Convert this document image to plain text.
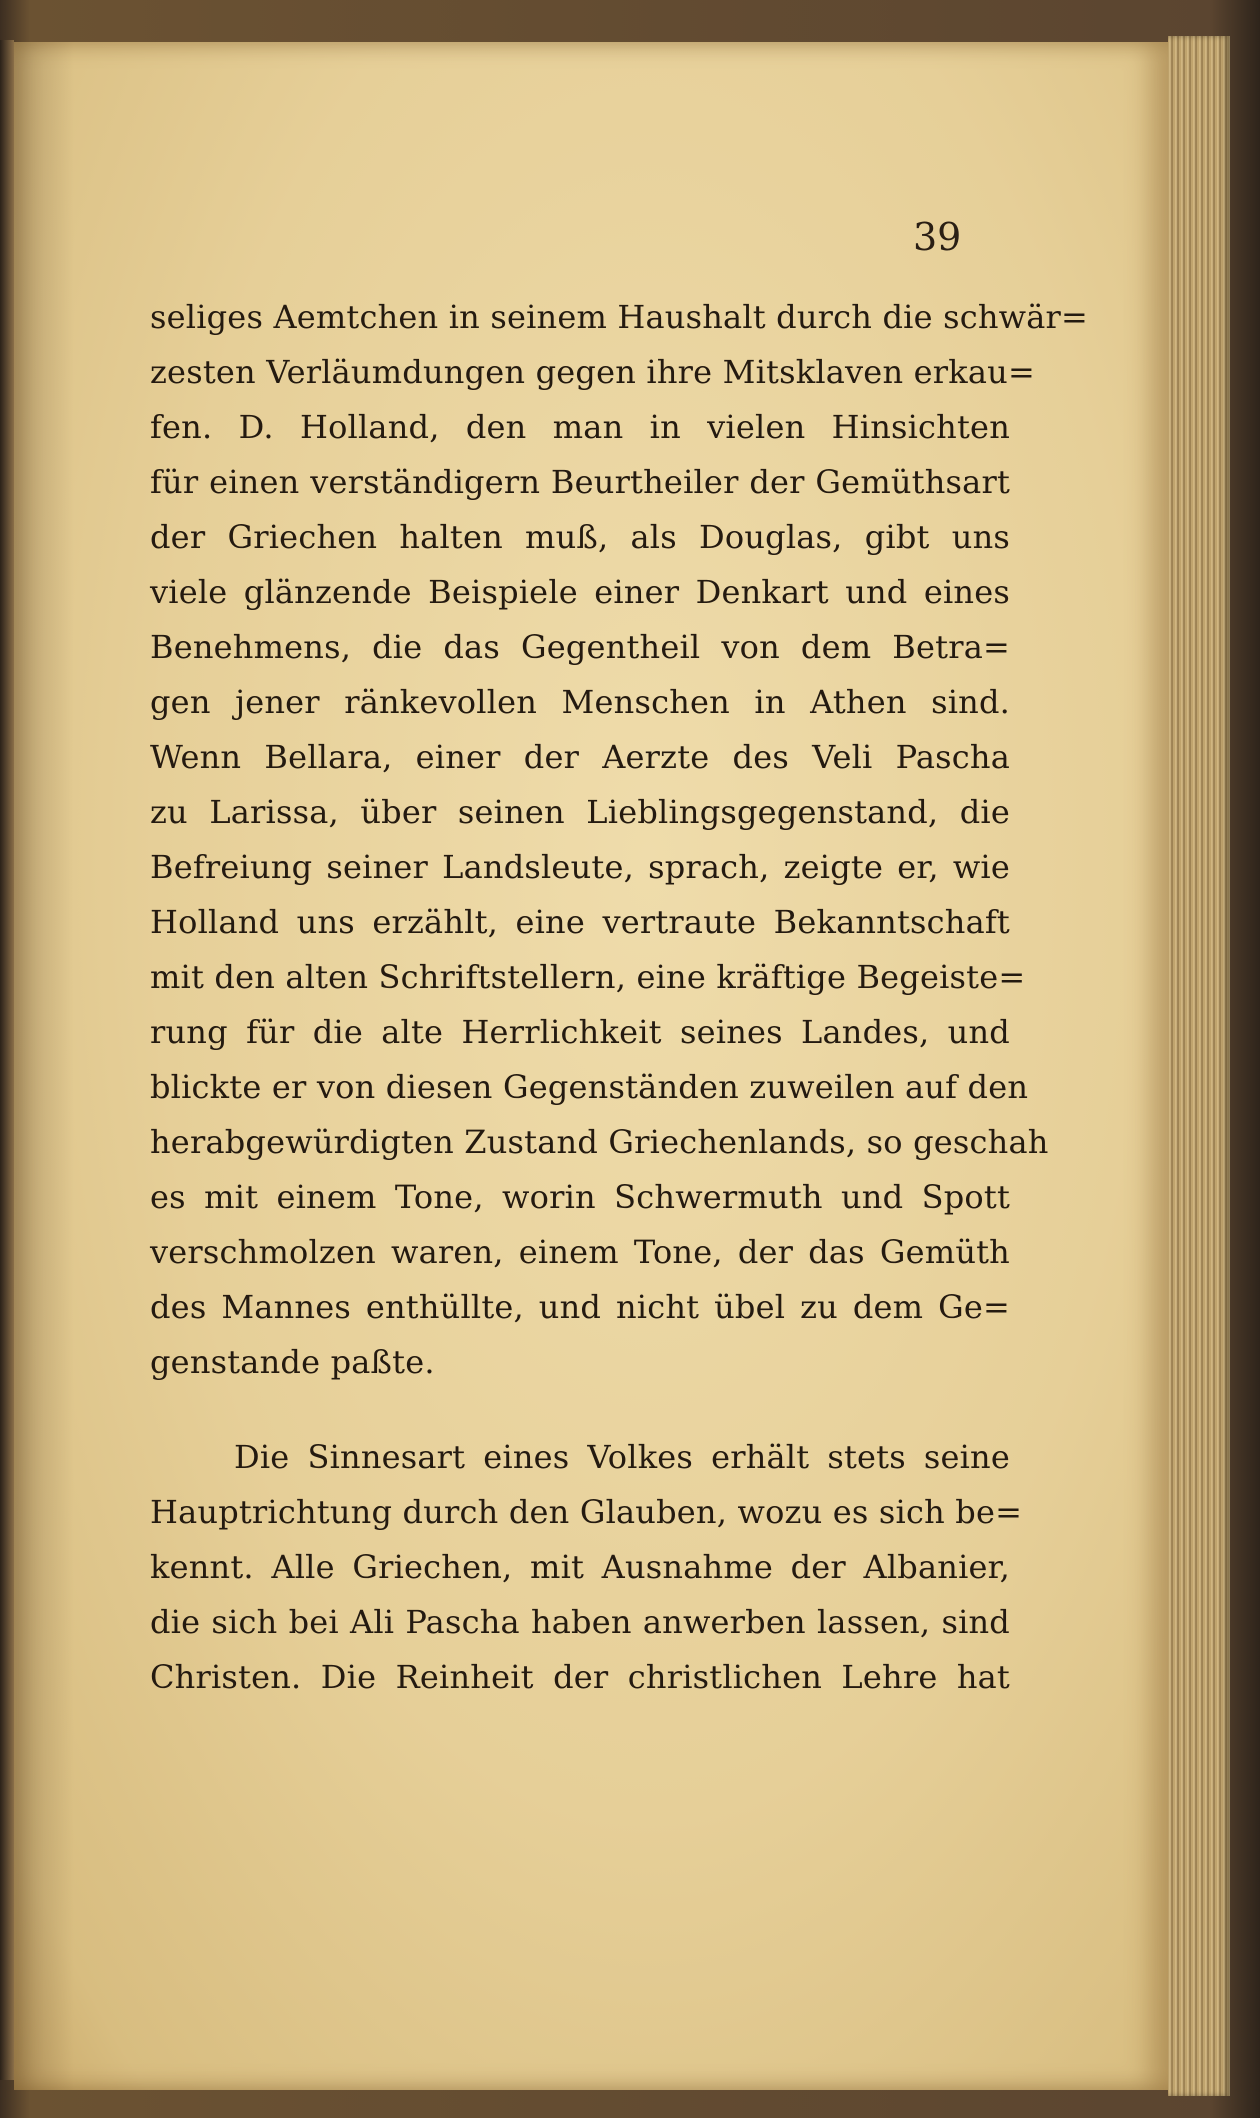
39
seliges Aemtchen in seinem Haushalt durch die schwär=
zesten Verläumdungen gegen ihre Mitsklaven erkau=
fen. D. Holland, den man in vielen Hinsichten
für einen verständigern Beurtheiler der Gemüthsart
der Griechen halten muß, als Douglas, gibt uns
viele glänzende Beispiele einer Denkart und eines
Benehmens, die das Gegentheil von dem Betra=
gen jener ränkevollen Menschen in Athen sind.
Wenn Bellara, einer der Aerzte des Veli Pascha
zu Larissa, über seinen Lieblingsgegenstand, die
Befreiung seiner Landsleute, sprach, zeigte er, wie
Holland uns erzählt, eine vertraute Bekanntschaft
mit den alten Schriftstellern, eine kräftige Begeiste=
rung für die alte Herrlichkeit seines Landes, und
blickte er von diesen Gegenständen zuweilen auf den
herabgewürdigten Zustand Griechenlands, so geschah
es mit einem Tone, worin Schwermuth und Spott
verschmolzen waren, einem Tone, der das Gemüth
des Mannes enthüllte, und nicht übel zu dem Ge=
genstande paßte.
Die Sinnesart eines Volkes erhält stets seine
Hauptrichtung durch den Glauben, wozu es sich be=
kennt. Alle Griechen, mit Ausnahme der Albanier,
die sich bei Ali Pascha haben anwerben lassen, sind
Christen. Die Reinheit der christlichen Lehre hat
